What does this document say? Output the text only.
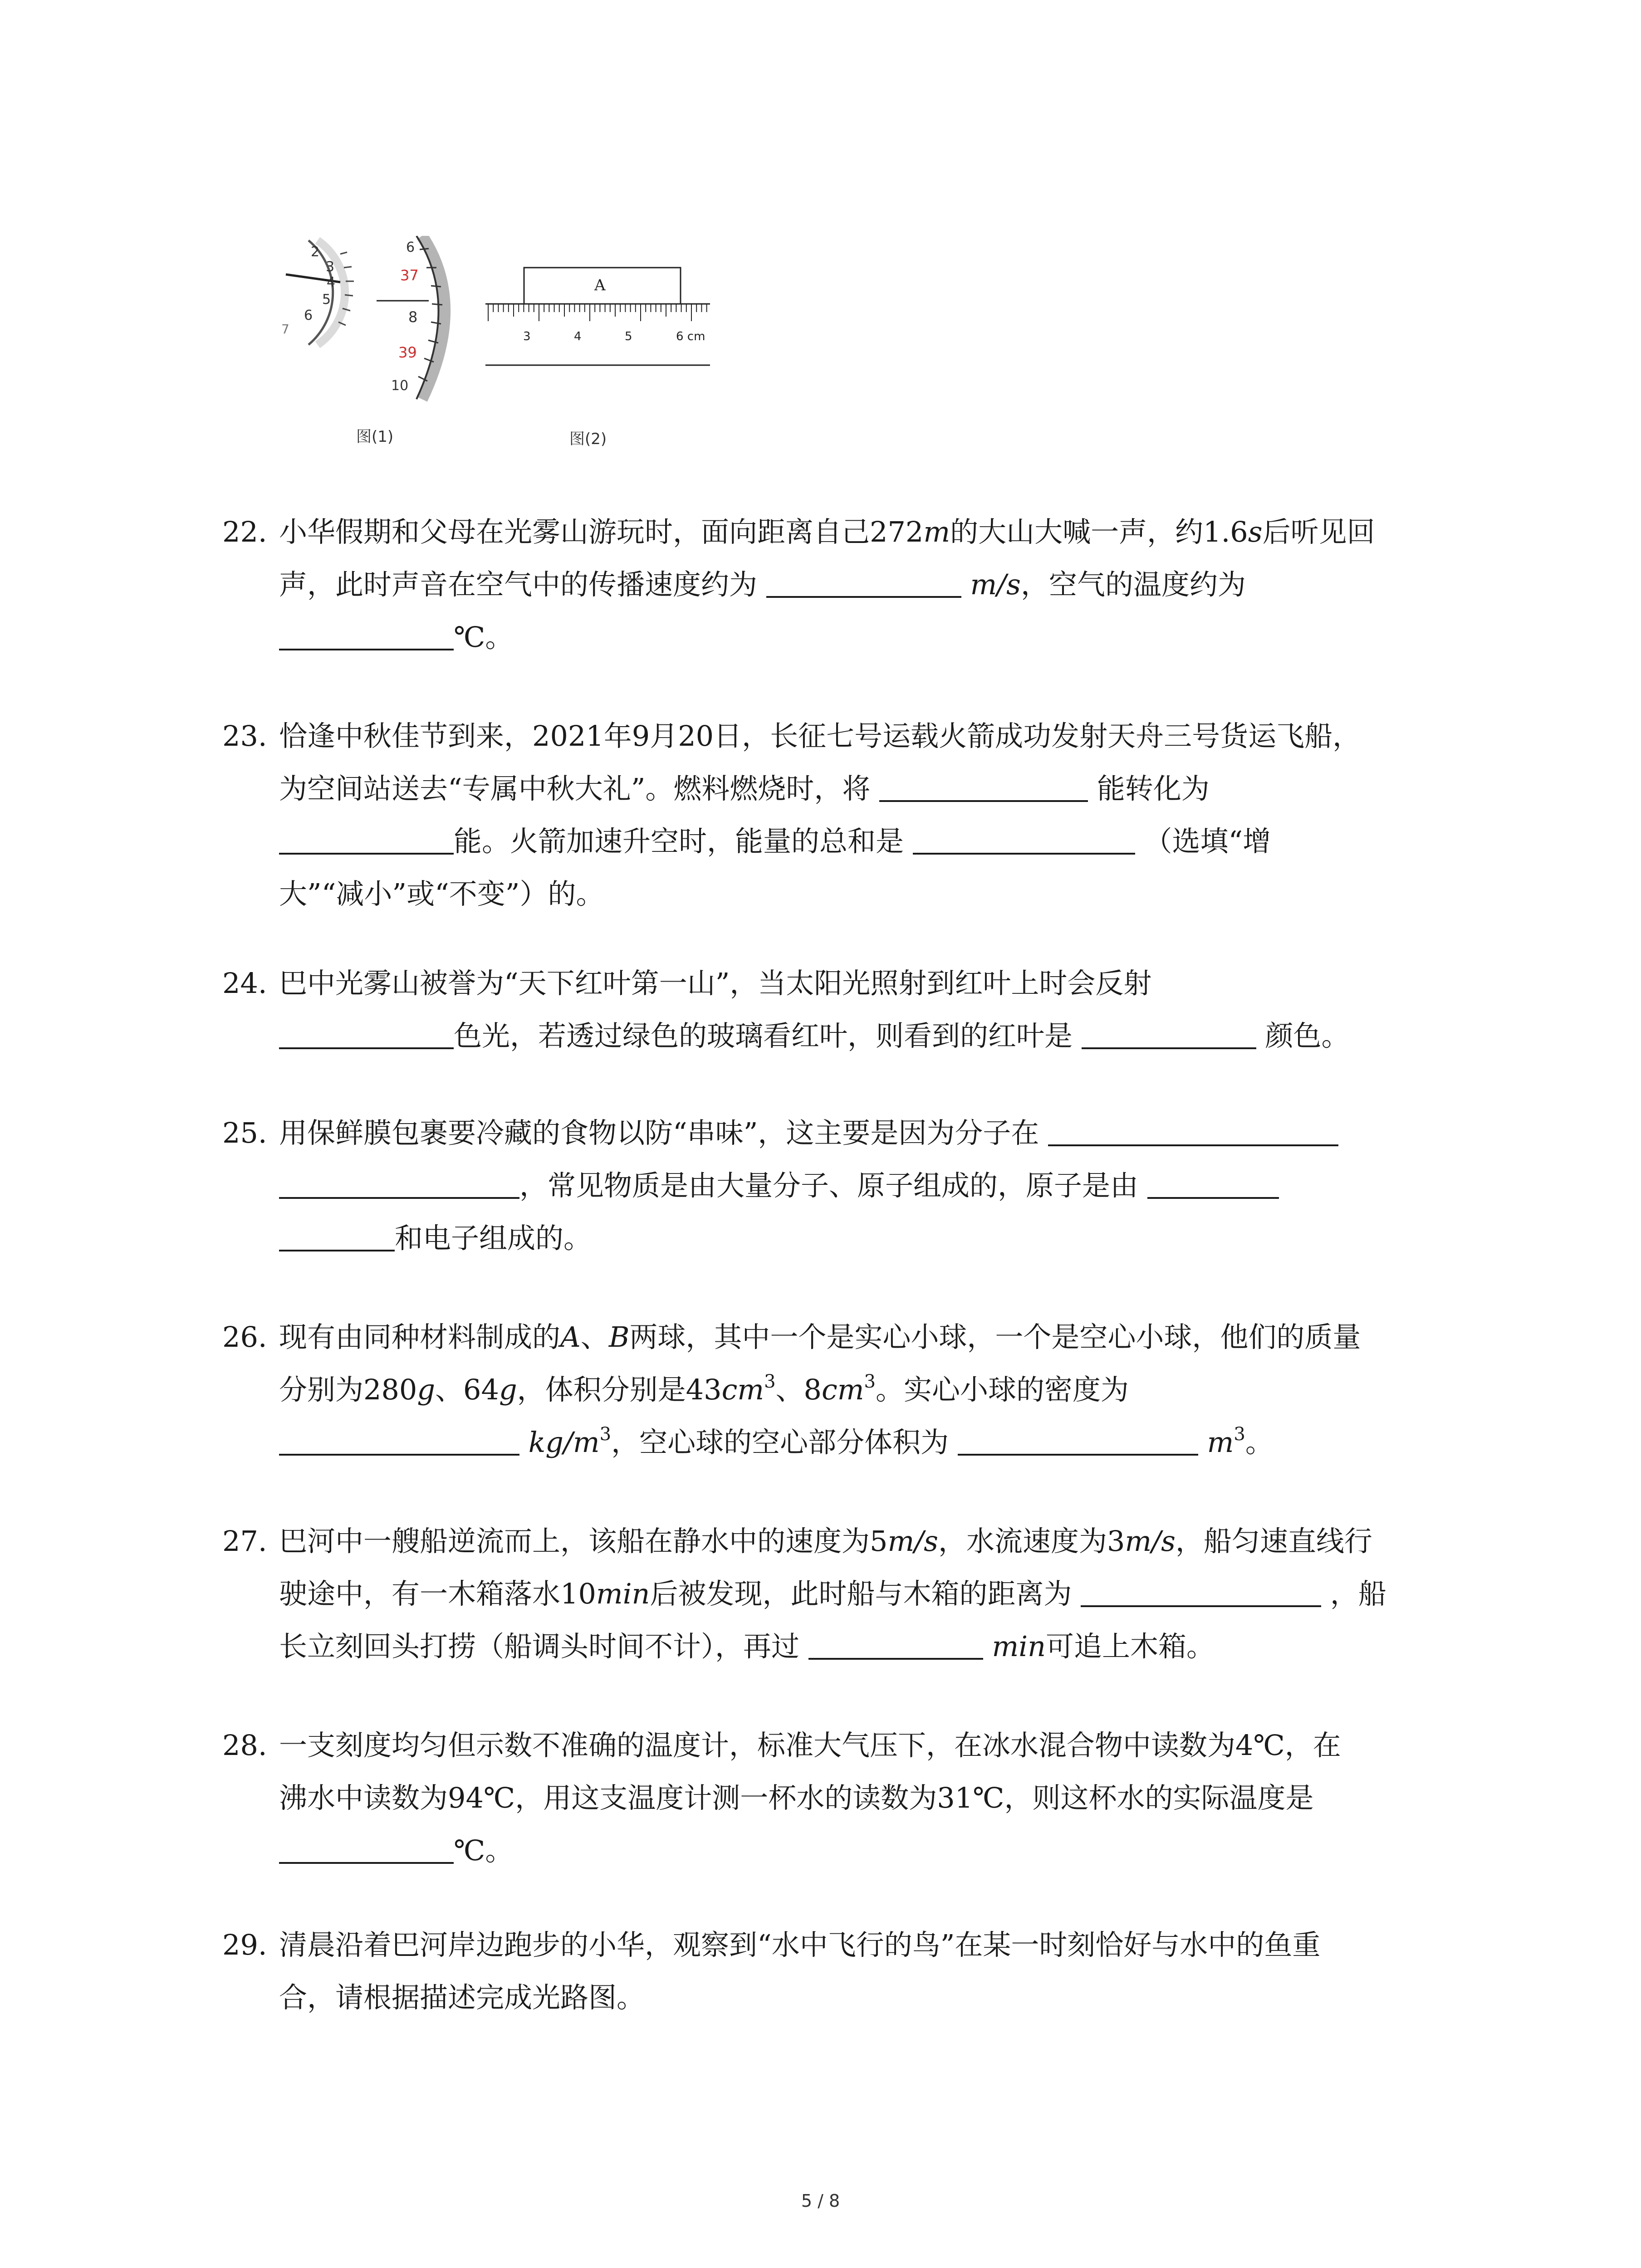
2
3
4
5
6
7
6
37
8
39
10
A
3	4	5	6 cm
图(1)	图(2)
22. 小华假期和父母在光雾山游玩时，面向距离自己272m的大山大喊一声，约1.6s后听见回
声，此时声音在空气中的传播速度约为	m/s，空气的温度约为
℃。
23. 恰逢中秋佳节到来，2021年9月20日，长征七号运载火箭成功发射天舟三号货运飞船，
为空间站送去“专属中秋大礼”。燃料燃烧时，将	能转化为
能。火箭加速升空时，能量的总和是	（选填“增
大”“减小”或“不变”）的。
24. 巴中光雾山被誉为“天下红叶第一山”，当太阳光照射到红叶上时会反射
色光，若透过绿色的玻璃看红叶，则看到的红叶是	颜色。
25. 用保鲜膜包裹要冷藏的食物以防“串味”，这主要是因为分子在
，常见物质是由大量分子、原子组成的，原子是由
和电子组成的。
26. 现有由同种材料制成的A、B两球，其中一个是实心小球，一个是空心小球，他们的质量
分别为280g、64g，体积分别是$43cm^3$、$8cm^3$。实心小球的密度为
$kg/m^3$，空心球的空心部分体积为	$m^3$。
27. 巴河中一艘船逆流而上，该船在静水中的速度为5m/s，水流速度为3m/s，船匀速直线行
驶途中，有一木箱落水10min后被发现，此时船与木箱的距离为	，船
长立刻回头打捞（船调头时间不计），再过	min可追上木箱。
28. 一支刻度均匀但示数不准确的温度计，标准大气压下，在冰水混合物中读数为4℃，在
沸水中读数为94℃，用这支温度计测一杯水的读数为31℃，则这杯水的实际温度是
℃。
29. 清晨沿着巴河岸边跑步的小华，观察到“水中飞行的鸟”在某一时刻恰好与水中的鱼重
合，请根据描述完成光路图。
5 / 8
